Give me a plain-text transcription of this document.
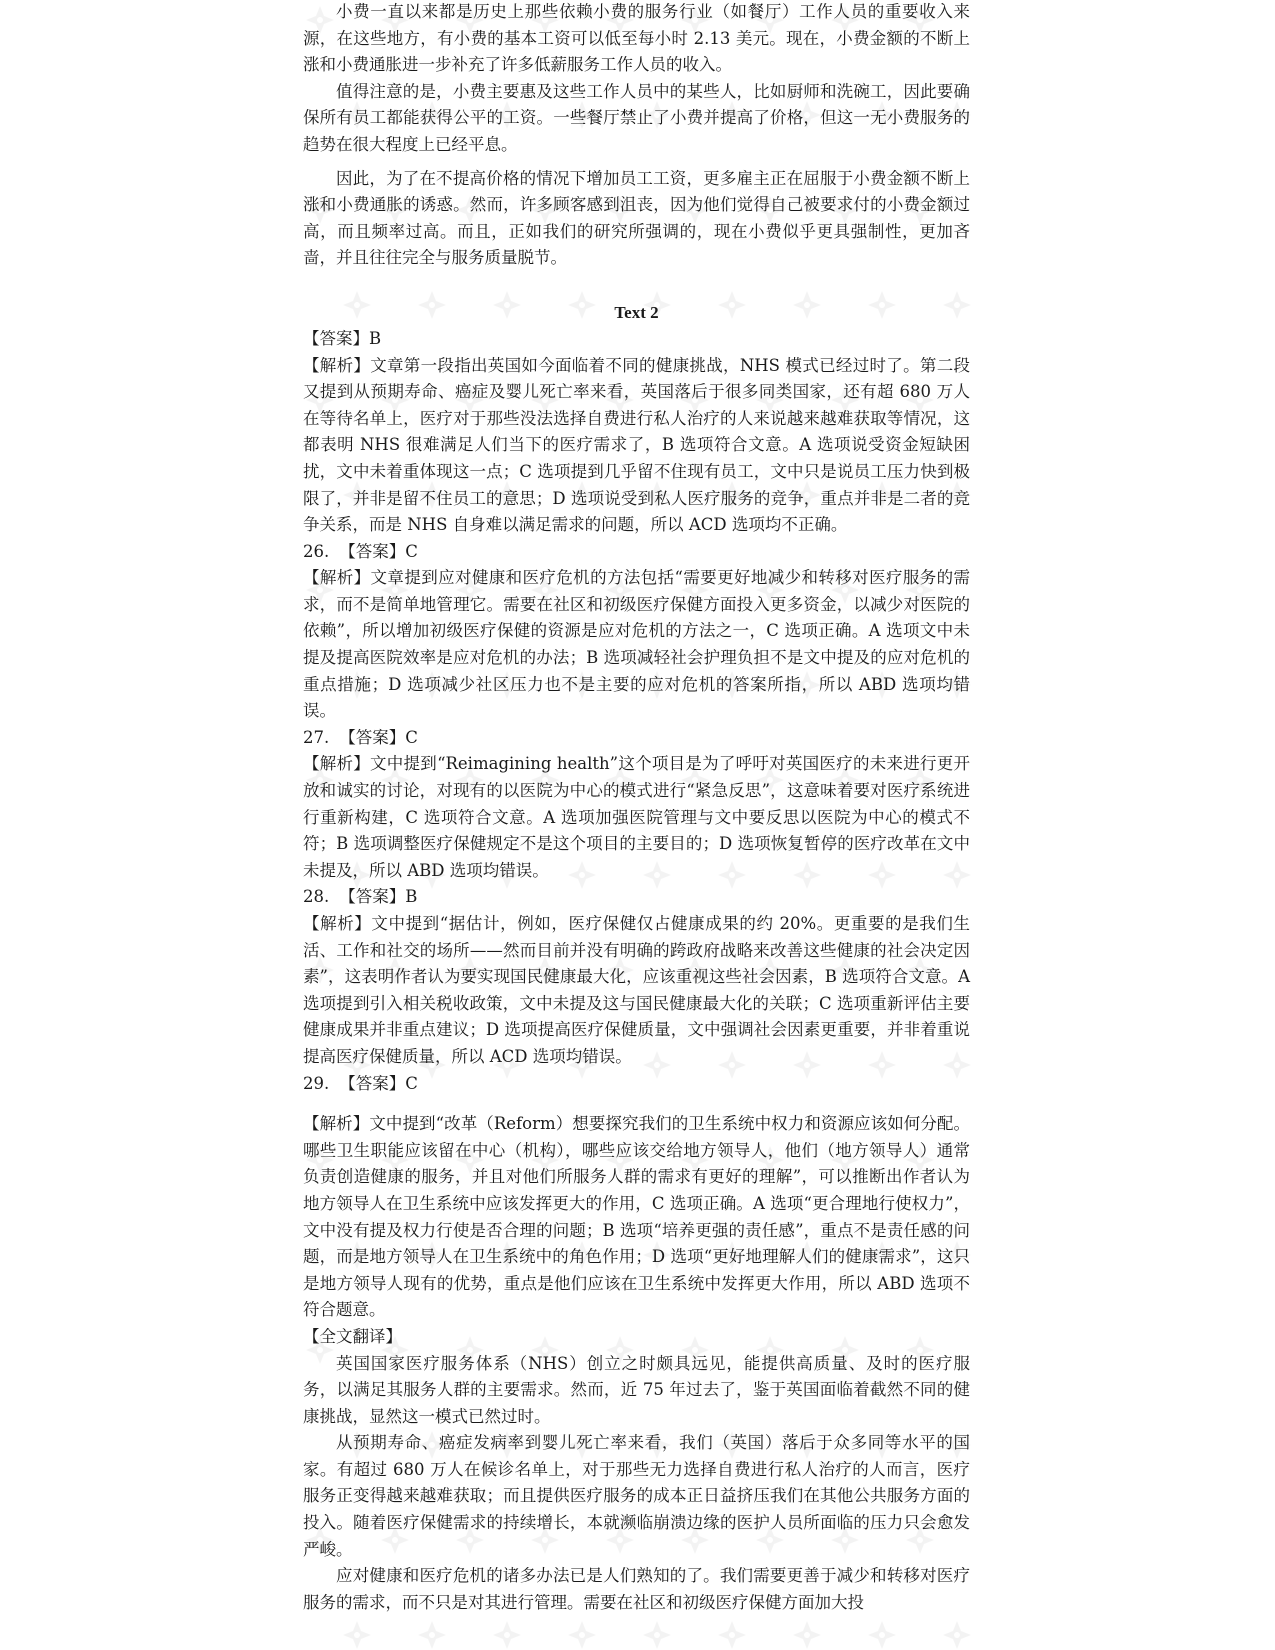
小费一直以来都是历史上那些依赖小费的服务行业（如餐厅）工作人员的重要收入来源，在这些地方，有小费的基本工资可以低至每小时 2.13 美元。现在，小费金额的不断上涨和小费通胀进一步补充了许多低薪服务工作人员的收入。

值得注意的是，小费主要惠及这些工作人员中的某些人，比如厨师和洗碗工，因此要确保所有员工都能获得公平的工资。一些餐厅禁止了小费并提高了价格，但这一无小费服务的趋势在很大程度上已经平息。

因此，为了在不提高价格的情况下增加员工工资，更多雇主正在屈服于小费金额不断上涨和小费通胀的诱惑。然而，许多顾客感到沮丧，因为他们觉得自己被要求付的小费金额过高，而且频率过高。而且，正如我们的研究所强调的，现在小费似乎更具强制性，更加吝啬，并且往往完全与服务质量脱节。

Text 2

【答案】B

【解析】文章第一段指出英国如今面临着不同的健康挑战，NHS 模式已经过时了。第二段又提到从预期寿命、癌症及婴儿死亡率来看，英国落后于很多同类国家，还有超 680 万人在等待名单上，医疗对于那些没法选择自费进行私人治疗的人来说越来越难获取等情况，这都表明 NHS 很难满足人们当下的医疗需求了，B 选项符合文意。A 选项说受资金短缺困扰，文中未着重体现这一点；C 选项提到几乎留不住现有员工，文中只是说员工压力快到极限了，并非是留不住员工的意思；D 选项说受到私人医疗服务的竞争，重点并非是二者的竞争关系，而是 NHS 自身难以满足需求的问题，所以 ACD 选项均不正确。

26. 【答案】C

【解析】文章提到应对健康和医疗危机的方法包括“需要更好地减少和转移对医疗服务的需求，而不是简单地管理它。需要在社区和初级医疗保健方面投入更多资金，以减少对医院的依赖”，所以增加初级医疗保健的资源是应对危机的方法之一，C 选项正确。A 选项文中未提及提高医院效率是应对危机的办法；B 选项减轻社会护理负担不是文中提及的应对危机的重点措施；D 选项减少社区压力也不是主要的应对危机的答案所指，所以 ABD 选项均错误。

27. 【答案】C

【解析】文中提到“Reimagining health”这个项目是为了呼吁对英国医疗的未来进行更开放和诚实的讨论，对现有的以医院为中心的模式进行“紧急反思”，这意味着要对医疗系统进行重新构建，C 选项符合文意。A 选项加强医院管理与文中要反思以医院为中心的模式不符；B 选项调整医疗保健规定不是这个项目的主要目的；D 选项恢复暂停的医疗改革在文中未提及，所以 ABD 选项均错误。

28. 【答案】B

【解析】文中提到“据估计，例如，医疗保健仅占健康成果的约 20%。更重要的是我们生活、工作和社交的场所——然而目前并没有明确的跨政府战略来改善这些健康的社会决定因素”，这表明作者认为要实现国民健康最大化，应该重视这些社会因素，B 选项符合文意。A 选项提到引入相关税收政策，文中未提及这与国民健康最大化的关联；C 选项重新评估主要健康成果并非重点建议；D 选项提高医疗保健质量，文中强调社会因素更重要，并非着重说提高医疗保健质量，所以 ACD 选项均错误。

29. 【答案】C

【解析】文中提到“改革（Reform）想要探究我们的卫生系统中权力和资源应该如何分配。哪些卫生职能应该留在中心（机构），哪些应该交给地方领导人，他们（地方领导人）通常负责创造健康的服务，并且对他们所服务人群的需求有更好的理解”，可以推断出作者认为地方领导人在卫生系统中应该发挥更大的作用，C 选项正确。A 选项“更合理地行使权力”，文中没有提及权力行使是否合理的问题；B 选项“培养更强的责任感”，重点不是责任感的问题，而是地方领导人在卫生系统中的角色作用；D 选项“更好地理解人们的健康需求”，这只是地方领导人现有的优势，重点是他们应该在卫生系统中发挥更大作用，所以 ABD 选项不符合题意。

【全文翻译】

英国国家医疗服务体系（NHS）创立之时颇具远见，能提供高质量、及时的医疗服务，以满足其服务人群的主要需求。然而，近 75 年过去了，鉴于英国面临着截然不同的健康挑战，显然这一模式已然过时。

从预期寿命、癌症发病率到婴儿死亡率来看，我们（英国）落后于众多同等水平的国家。有超过 680 万人在候诊名单上，对于那些无力选择自费进行私人治疗的人而言，医疗服务正变得越来越难获取；而且提供医疗服务的成本正日益挤压我们在其他公共服务方面的投入。随着医疗保健需求的持续增长，本就濒临崩溃边缘的医护人员所面临的压力只会愈发严峻。

应对健康和医疗危机的诸多办法已是人们熟知的了。我们需要更善于减少和转移对医疗服务的需求，而不只是对其进行管理。需要在社区和初级医疗保健方面加大投
